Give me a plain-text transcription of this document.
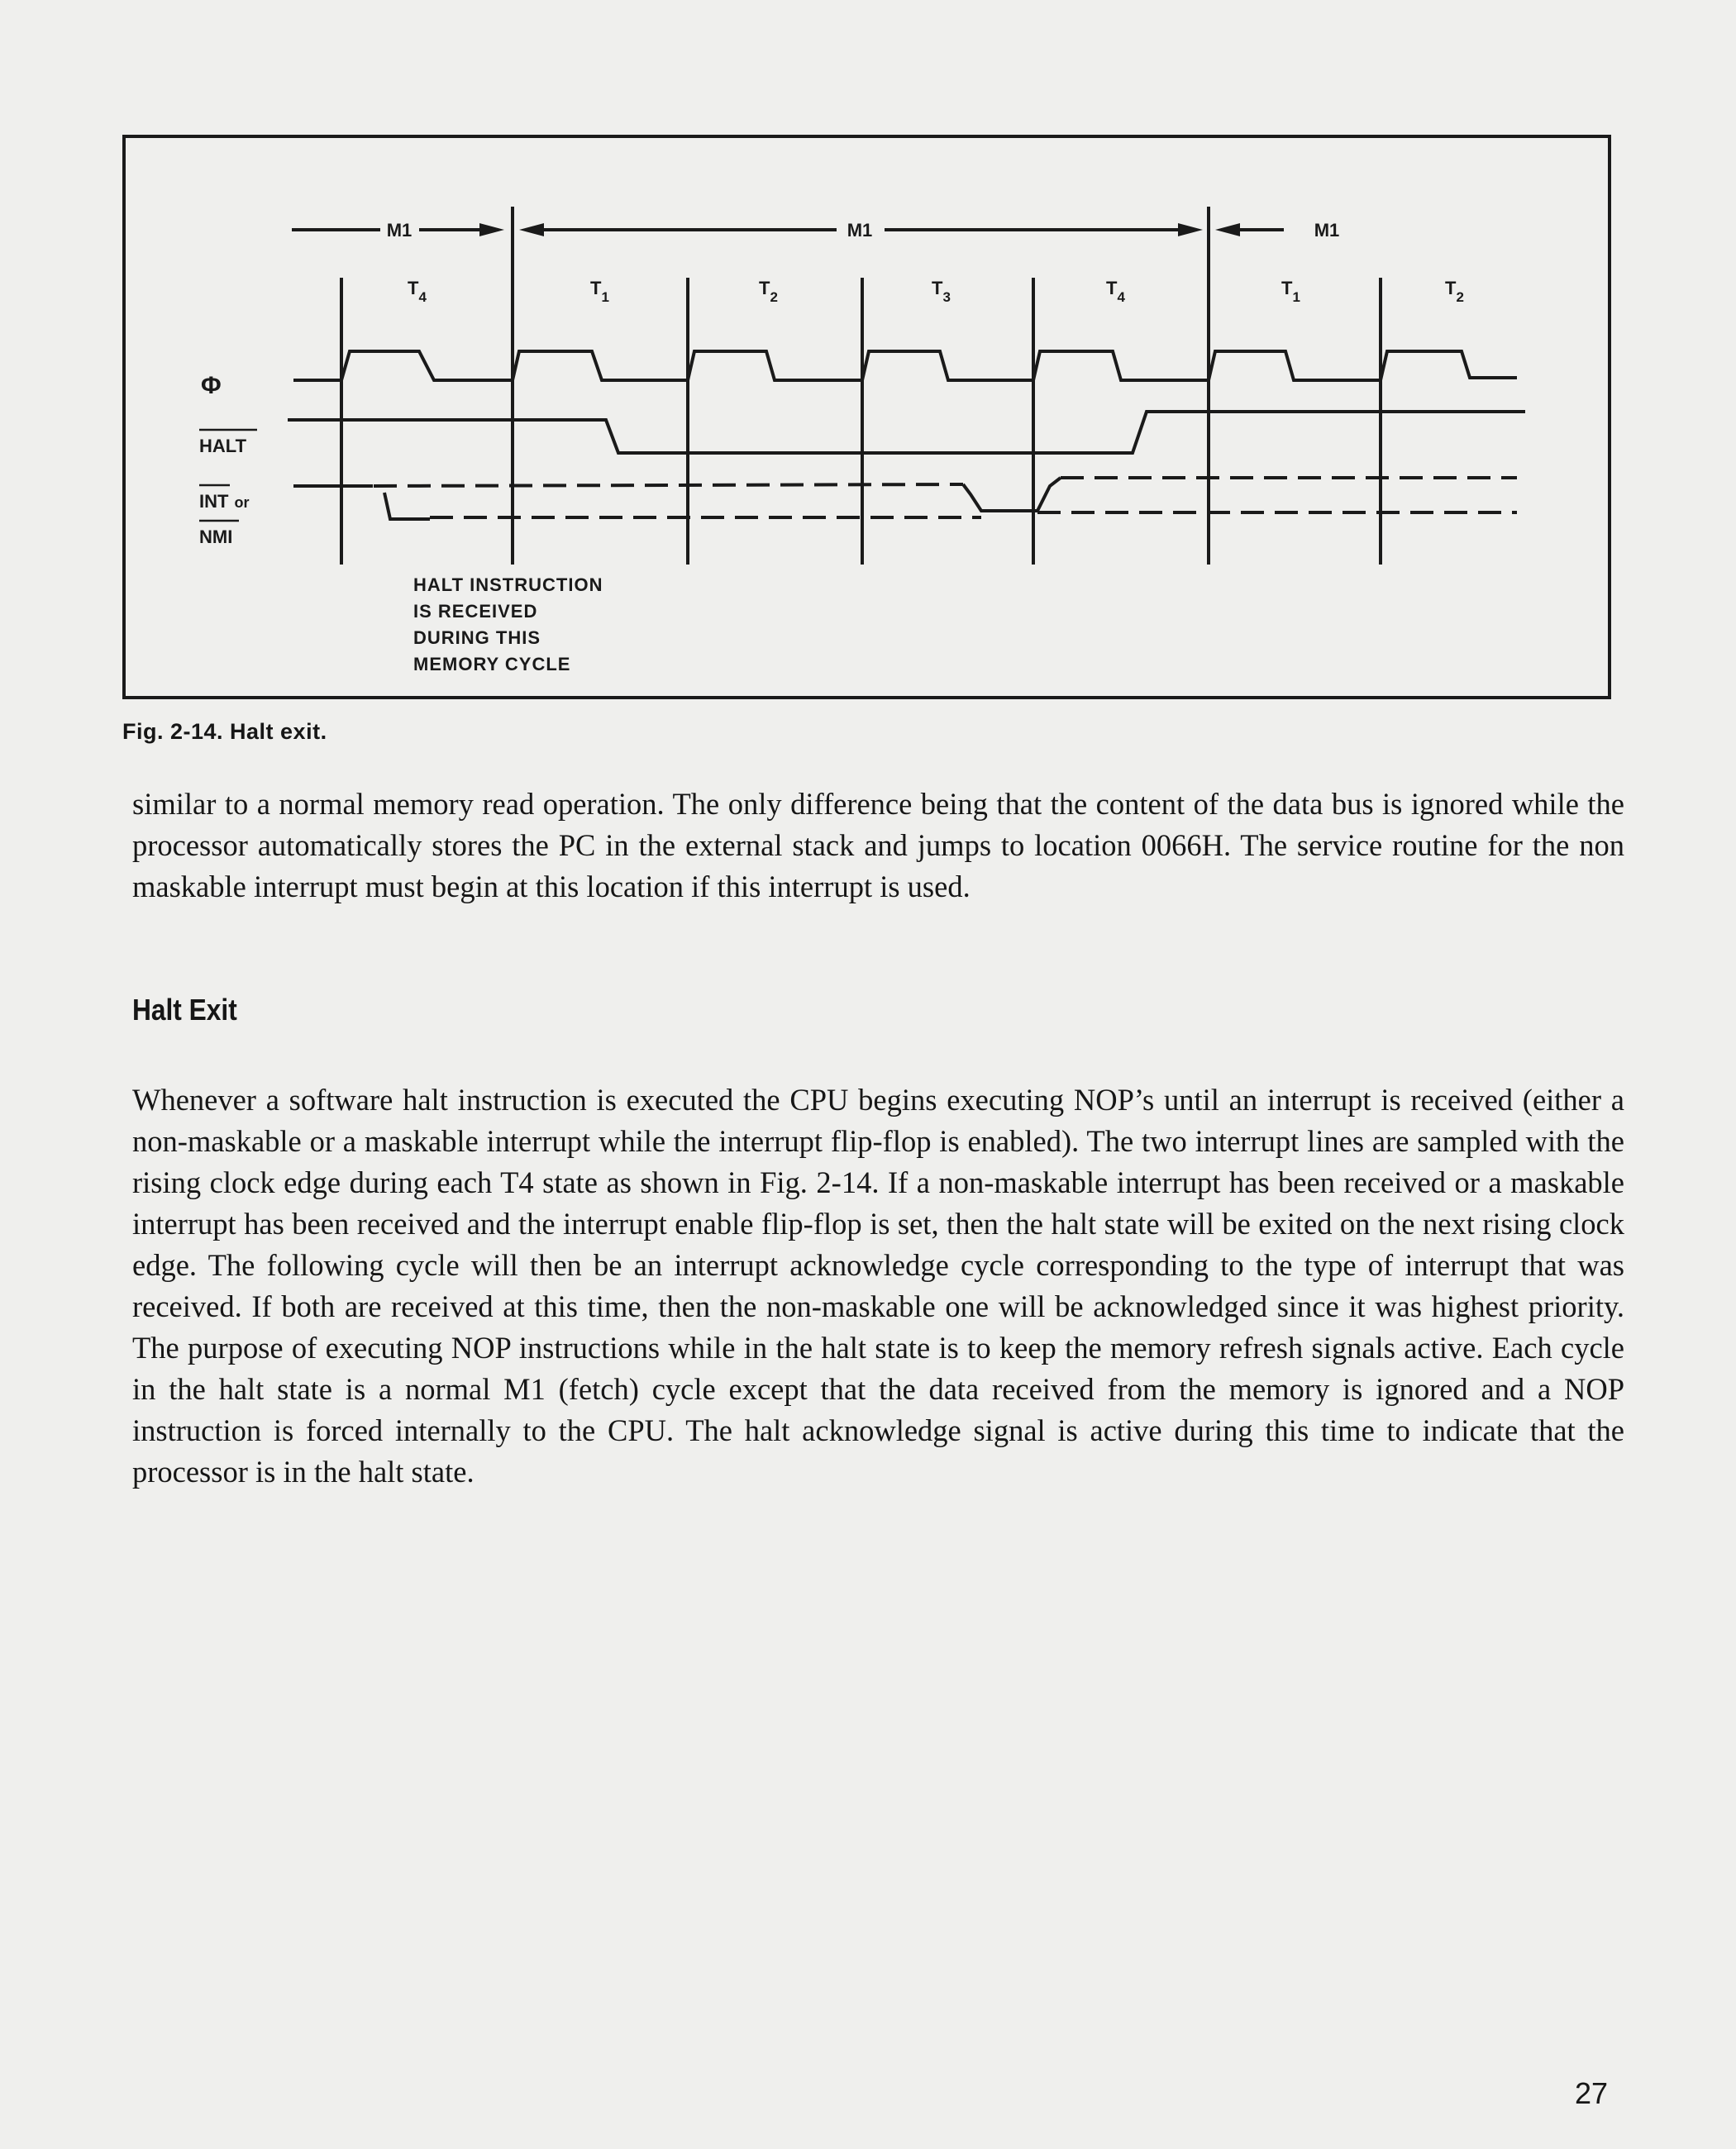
M1	M1	M1
$T_4$	$T_1$	$T_2$	$T_3$	$T_4$	$T_1$	$T_2$
Φ
HALT
INT or
NMI
HALT INSTRUCTION
IS RECEIVED
DURING THIS
MEMORY CYCLE
Fig. 2-14. Halt exit.

similar to a normal memory read operation. The only difference being that the content of the data bus is ignored while the processor automatically stores the PC in the external stack and jumps to location 0066H. The service routine for the non maskable interrupt must begin at this location if this interrupt is used.

Halt Exit

Whenever a software halt instruction is executed the CPU begins executing NOP’s until an interrupt is received (either a non-maskable or a maskable interrupt while the interrupt flip-flop is enabled). The two interrupt lines are sampled with the rising clock edge during each T4 state as shown in Fig. 2-14. If a non-maskable interrupt has been received or a maskable interrupt has been received and the interrupt enable flip-flop is set, then the halt state will be exited on the next rising clock edge. The following cycle will then be an interrupt acknowledge cycle corresponding to the type of interrupt that was received. If both are received at this time, then the non-maskable one will be acknowledged since it was highest priority. The purpose of executing NOP instructions while in the halt state is to keep the memory refresh signals active. Each cycle in the halt state is a normal M1 (fetch) cycle except that the data received from the memory is ignored and a NOP instruction is forced internally to the CPU. The halt acknowledge signal is active during this time to indicate that the processor is in the halt state.

27
